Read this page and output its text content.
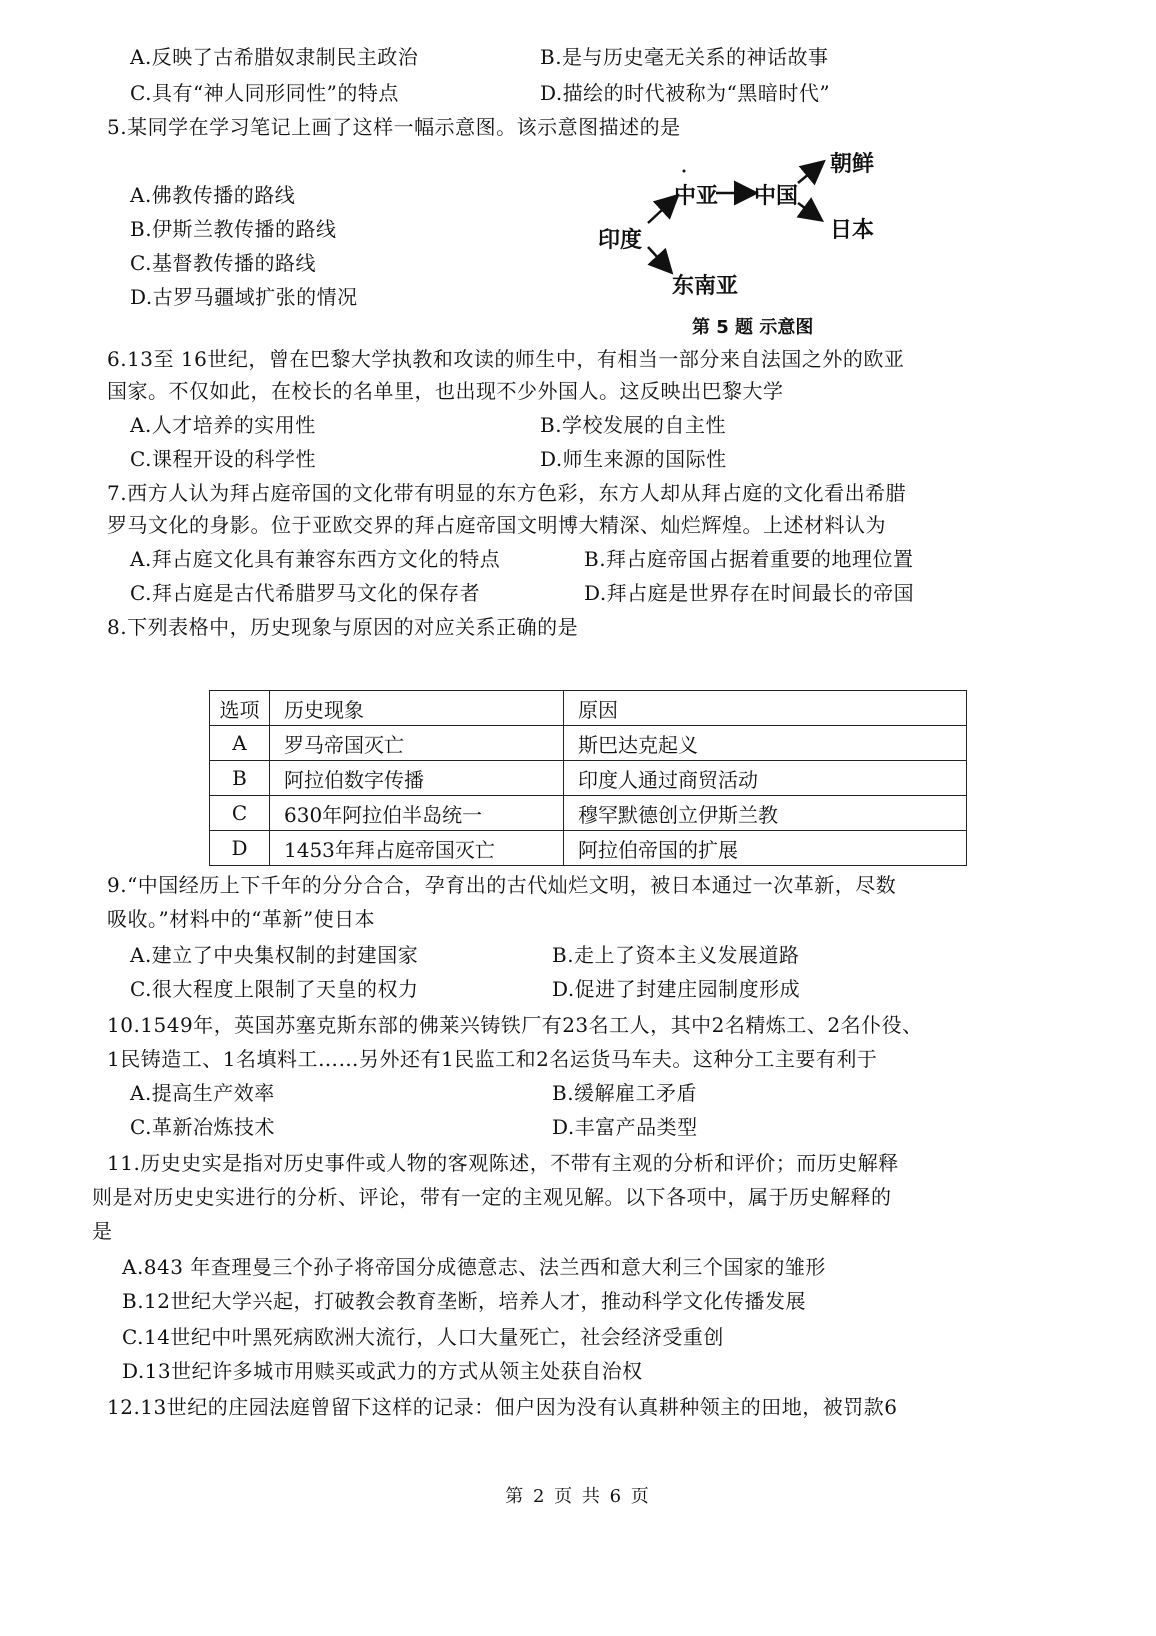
A.反映了古希腊奴隶制民主政治	B.是与历史毫无关系的神话故事
C.具有“神人同形同性”的特点	D.描绘的时代被称为“黑暗时代”
5.某同学在学习笔记上画了这样一幅示意图。该示意图描述的是
A.佛教传播的路线
B.伊斯兰教传播的路线
C.基督教传播的路线
D.古罗马疆域扩张的情况
印度
中亚 中国
朝鲜
日本
东南亚
第 5 题 示意图
6.13至 16世纪，曾在巴黎大学执教和攻读的师生中，有相当一部分来自法国之外的欧亚
国家。不仅如此，在校长的名单里，也出现不少外国人。这反映出巴黎大学
A.人才培养的实用性	B.学校发展的自主性
C.课程开设的科学性	D.师生来源的国际性
7.西方人认为拜占庭帝国的文化带有明显的东方色彩，东方人却从拜占庭的文化看出希腊
罗马文化的身影。位于亚欧交界的拜占庭帝国文明博大精深、灿烂辉煌。上述材料认为
A.拜占庭文化具有兼容东西方文化的特点	B.拜占庭帝国占据着重要的地理位置
C.拜占庭是古代希腊罗马文化的保存者	D.拜占庭是世界存在时间最长的帝国
8.下列表格中，历史现象与原因的对应关系正确的是
选项	历史现象	原因
A	罗马帝国灭亡	斯巴达克起义
B	阿拉伯数字传播	印度人通过商贸活动
C	630年阿拉伯半岛统一	穆罕默德创立伊斯兰教
D	1453年拜占庭帝国灭亡	阿拉伯帝国的扩展
9.“中国经历上下千年的分分合合，孕育出的古代灿烂文明，被日本通过一次革新，尽数
吸收。”材料中的“革新”使日本
A.建立了中央集权制的封建国家	B.走上了资本主义发展道路
C.很大程度上限制了天皇的权力	D.促进了封建庄园制度形成
10.1549年，英国苏塞克斯东部的佛莱兴铸铁厂有23名工人，其中2名精炼工、2名仆役、
1民铸造工、1名填料工……另外还有1民监工和2名运货马车夫。这种分工主要有利于
A.提高生产效率	B.缓解雇工矛盾
C.革新冶炼技术	D.丰富产品类型
11.历史史实是指对历史事件或人物的客观陈述，不带有主观的分析和评价；而历史解释
则是对历史史实进行的分析、评论，带有一定的主观见解。以下各项中，属于历史解释的
是
A.843 年查理曼三个孙子将帝国分成德意志、法兰西和意大利三个国家的雏形
B.12世纪大学兴起，打破教会教育垄断，培养人才，推动科学文化传播发展
C.14世纪中叶黑死病欧洲大流行，人口大量死亡，社会经济受重创
D.13世纪许多城市用赎买或武力的方式从领主处获自治权
12.13世纪的庄园法庭曾留下这样的记录：佃户因为没有认真耕种领主的田地，被罚款6
第 2 页 共 6 页
